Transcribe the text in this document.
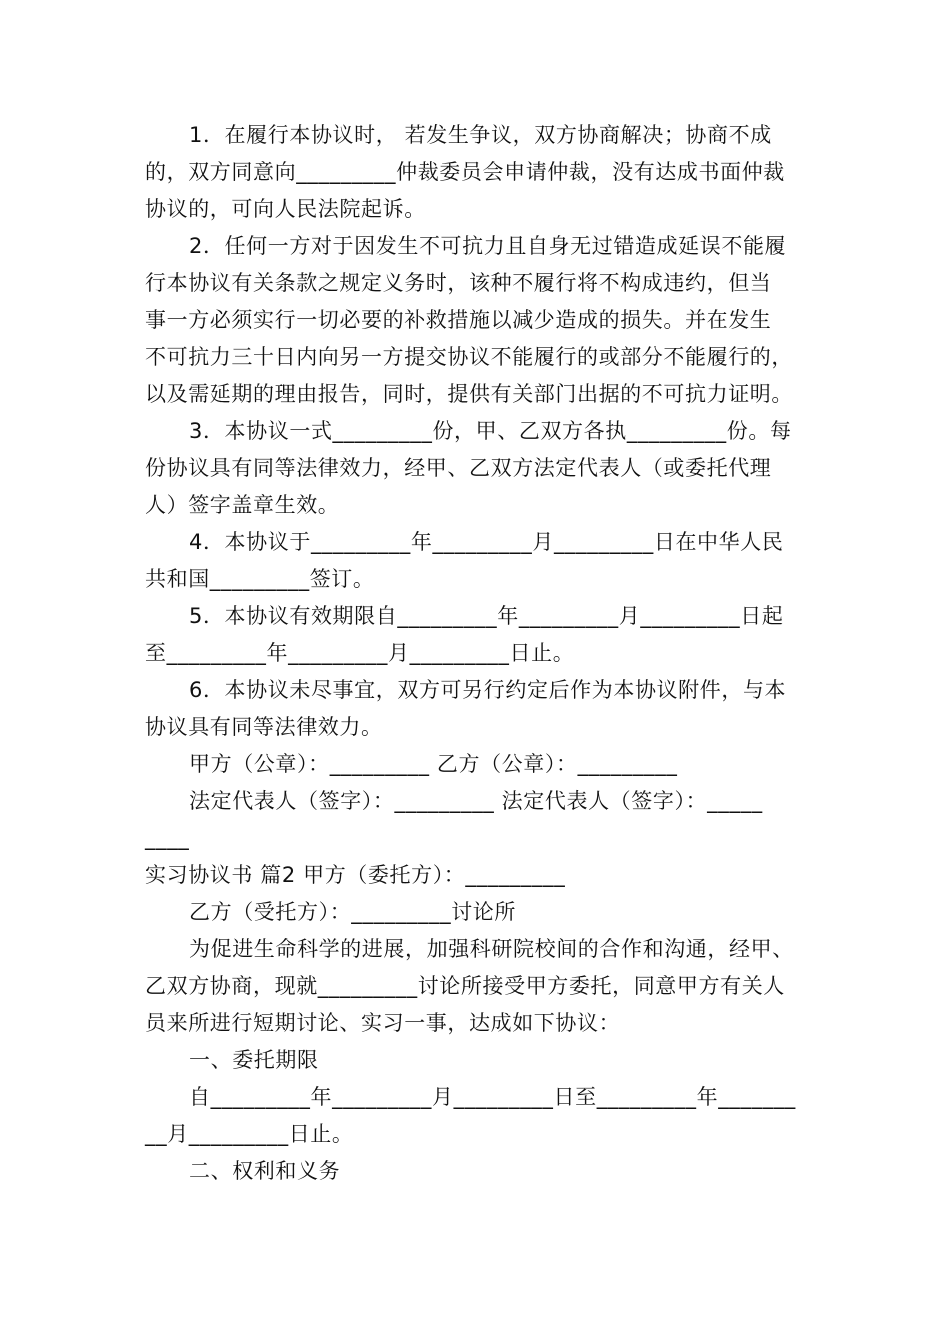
1．在履行本协议时， 若发生争议，双方协商解决；协商不成
的，双方同意向_________仲裁委员会申请仲裁，没有达成书面仲裁
协议的，可向人民法院起诉。
2．任何一方对于因发生不可抗力且自身无过错造成延误不能履
行本协议有关条款之规定义务时，该种不履行将不构成违约，但当
事一方必须实行一切必要的补救措施以减少造成的损失。并在发生
不可抗力三十日内向另一方提交协议不能履行的或部分不能履行的，
以及需延期的理由报告，同时，提供有关部门出据的不可抗力证明。
3．本协议一式_________份，甲、乙双方各执_________份。每
份协议具有同等法律效力，经甲、乙双方法定代表人（或委托代理
人）签字盖章生效。
4．本协议于_________年_________月_________日在中华人民
共和国_________签订。
5．本协议有效期限自_________年_________月_________日起
至_________年_________月_________日止。
6．本协议未尽事宜，双方可另行约定后作为本协议附件，与本
协议具有同等法律效力。
甲方（公章）：_________ 乙方（公章）：_________
法定代表人（签字）：_________ 法定代表人（签字）：_____
____
实习协议书 篇2 甲方（委托方）：_________
乙方（受托方）：_________讨论所
为促进生命科学的进展，加强科研院校间的合作和沟通，经甲、
乙双方协商，现就_________讨论所接受甲方委托，同意甲方有关人
员来所进行短期讨论、实习一事，达成如下协议：
一、委托期限
自_________年_________月_________日至_________年_______
__月_________日止。
二、权利和义务
